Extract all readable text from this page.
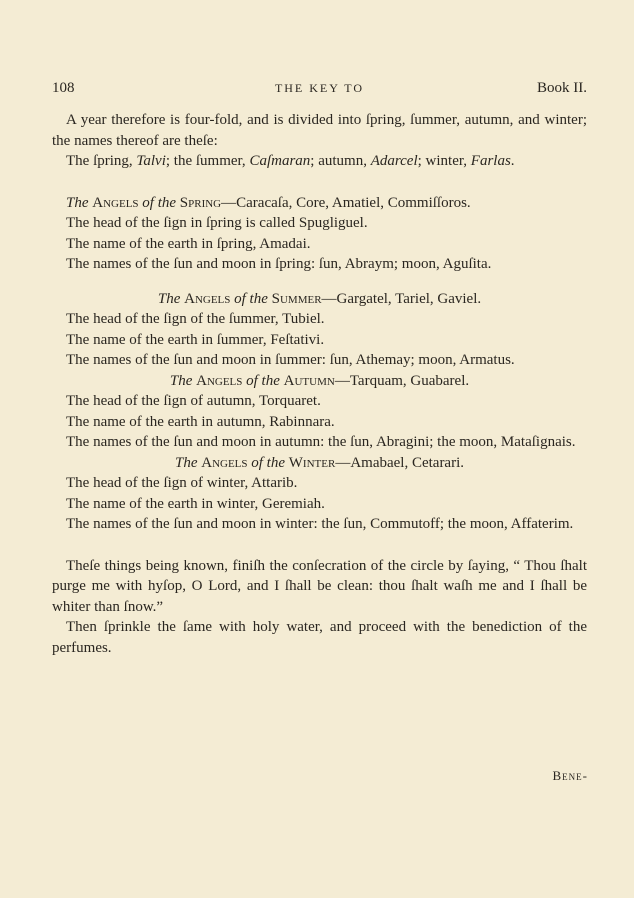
108	THE KEY TO	Book II.

A year therefore is four-fold, and is divided into ſpring, ſummer, autumn, and winter; the names thereof are theſe:

The ſpring, Talvi; the ſummer, Caſmaran; autumn, Adarcel; winter, Farlas.

The Angels of the Spring—Caracaſa, Core, Amatiel, Commiſſoros.

The head of the ſign in ſpring is called Spugliguel.

The name of the earth in ſpring, Amadai.

The names of the ſun and moon in ſpring: ſun, Abraym; moon, Aguſita.

The Angels of the Summer—Gargatel, Tariel, Gaviel.

The head of the ſign of the ſummer, Tubiel.

The name of the earth in ſummer, Feſtativi.

The names of the ſun and moon in ſummer: ſun, Athemay; moon, Armatus.

The Angels of the Autumn—Tarquam, Guabarel.

The head of the ſign of autumn, Torquaret.

The name of the earth in autumn, Rabinnara.

The names of the ſun and moon in autumn: the ſun, Abragini; the moon, Mataſignais.

The Angels of the Winter—Amabael, Cetarari.

The head of the ſign of winter, Attarib.

The name of the earth in winter, Geremiah.

The names of the ſun and moon in winter: the ſun, Commutoff; the moon, Affaterim.

Theſe things being known, finiſh the conſecration of the circle by ſaying, “ Thou ſhalt purge me with hyſop, O Lord, and I ſhall be clean: thou ſhalt waſh me and I ſhall be whiter than ſnow.”

Then ſprinkle the ſame with holy water, and proceed with the benediction of the perfumes.

Bene-
